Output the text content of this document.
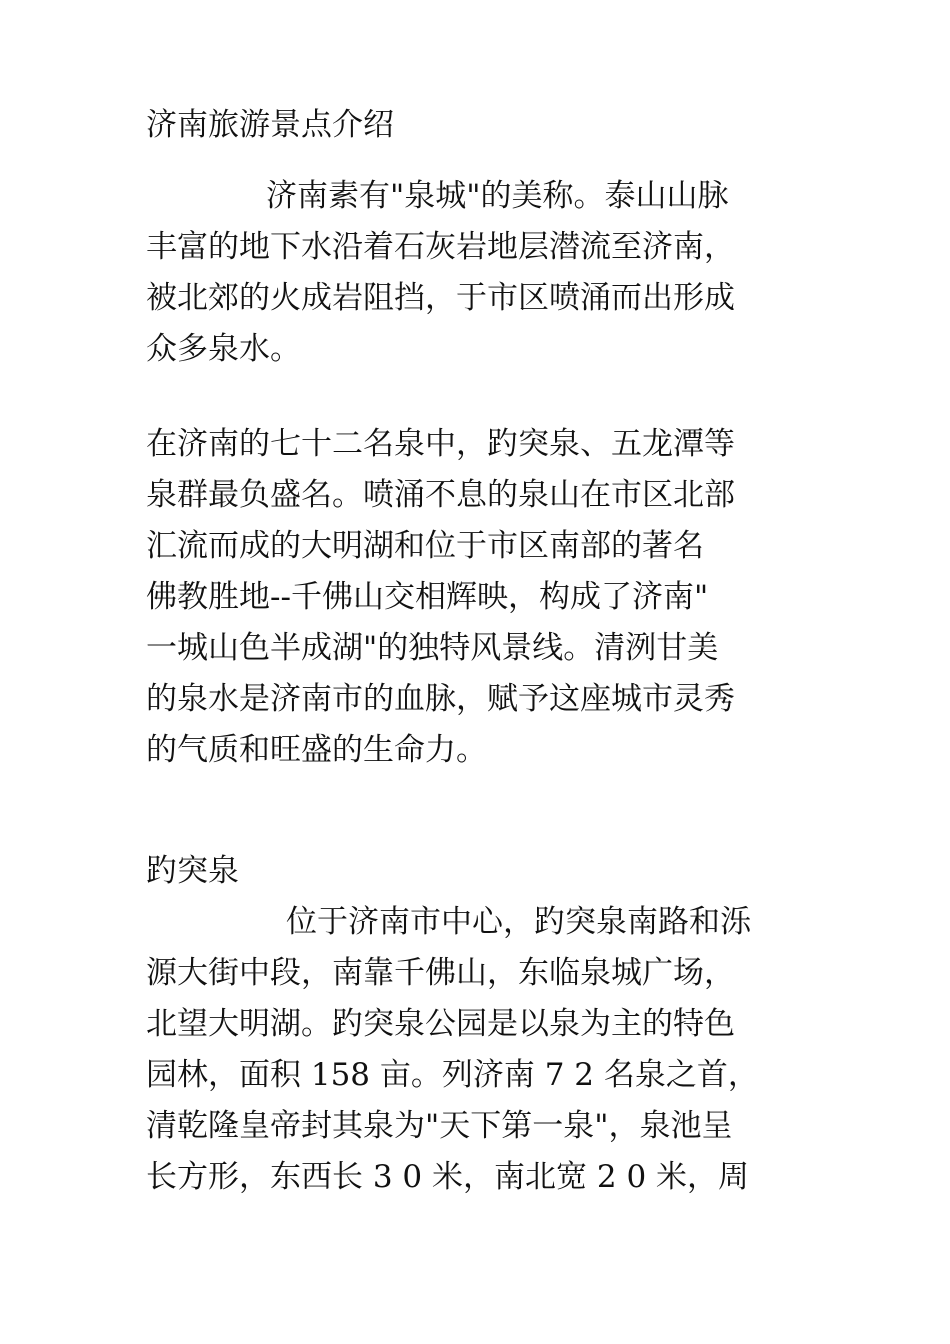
济南旅游景点介绍
济南素有"泉城"的美称。泰山山脉
丰富的地下水沿着石灰岩地层潜流至济南，
被北郊的火成岩阻挡，于市区喷涌而出形成
众多泉水。
在济南的七十二名泉中，趵突泉、五龙潭等
泉群最负盛名。喷涌不息的泉山在市区北部
汇流而成的大明湖和位于市区南部的著名
佛教胜地--千佛山交相辉映，构成了济南"
一城山色半成湖"的独特风景线。清洌甘美
的泉水是济南市的血脉，赋予这座城市灵秀
的气质和旺盛的生命力。
趵突泉
位于济南市中心，趵突泉南路和泺
源大街中段，南靠千佛山，东临泉城广场，
北望大明湖。趵突泉公园是以泉为主的特色
园林，面积 158 亩。列济南 7 2 名泉之首，
清乾隆皇帝封其泉为"天下第一泉"，泉池呈
长方形，东西长 3 0 米，南北宽 2 0 米，周
